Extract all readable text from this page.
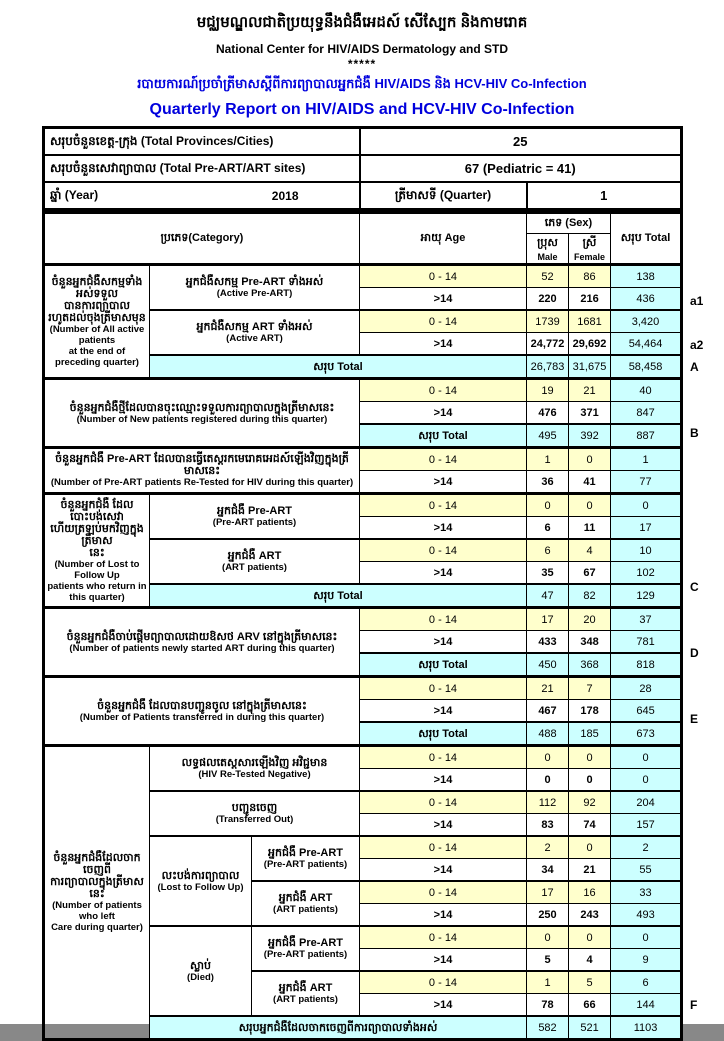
មជ្ឈមណ្ឌលជាតិប្រយុទ្ធនឹងជំងឺអេដស៍ សើស្បែក និងកាមរោគ
National Center for HIV/AIDS Dermatology and STD
*****
របាយការណ៍ប្រចាំត្រីមាសស្តីពីការព្យាបាលអ្នកជំងឺ HIV/AIDS និង HCV-HIV Co-Infection
Quarterly Report on HIV/AIDS and HCV-HIV Co-Infection
សរុបចំនួនខេត្ត-ក្រុង (Total Provinces/Cities)	25	
សរុបចំនួនសេវាព្យាបាល (Total Pre-ART/ART sites)	67 (Pediatric = 41)	

ឆ្នាំ (Year) 2018	ត្រីមាសទី (Quarter)	1
ប្រភេទ(Category)			អាយុ Age	ភេទ (Sex)		សរុប Total

ប្រុស
Male

ស្រី
Female

ចំនួនអ្នកជំងឺសកម្មទាំងអស់ទទួល
បានការព្យាបាល
រហូតដល់ចុងត្រីមាសមុន
(Number of All active patients
at the end of preceding quarter)

អ្នកជំងឺសកម្ម Pre-ART ទាំងអស់
(Active Pre-ART)
	0 - 14	52	86	138
			>14	220	216	436

	អ្នកជំងឺសកម្ម ART ទាំងអស់
(Active ART)		0 - 14	1739	1681	3,420
			>14	24,772	29,692	54,464
	សរុប Total			26,783	31,675	58,458

ចំនួនអ្នកជំងឺថ្មីដែលបានចុះឈ្មោះទទួលការព្យាបាលក្នុងត្រីមាសនេះ
(Number of New patients registered during this quarter)			0 - 14	19	21	40
			>14	476	371	847
			សរុប Total	495	392	887

ចំនួនអ្នកជំងឺ Pre-ART ដែលបានធ្វើតេស្តរកមេរោគអេដស៍ឡើងវិញក្នុងត្រីមាសនេះ
(Number of Pre-ART patients Re-Tested for HIV during this quarter)			0 - 14	1	0	1
			>14	36	41	77

ចំនួនអ្នកជំងឺ ដែលបោះបង់សេវា
ហើយត្រឡប់មកវិញក្នុងត្រីមាស
នេះ
(Number of Lost to Follow Up
patients who return in this quarter)

អ្នកជំងឺ Pre-ART
(Pre-ART patients)
	0 - 14	0	0	0
			>14	6	11	17

	អ្នកជំងឺ ART
(ART patients)		0 - 14	6	4	10
			>14	35	67	102
	សរុប Total			47	82	129

ចំនួនអ្នកជំងឺចាប់ផ្តើមព្យាបាលដោយឱសថ ARV នៅក្នុងត្រីមាសនេះ
(Number of patients newly started ART during this quarter)			0 - 14	17	20	37
			>14	433	348	781
			សរុប Total	450	368	818

ចំនួនអ្នកជំងឺ ដែលបានបញ្ជូនចូល នៅក្នុងត្រីមាសនេះ
(Number of Patients transferred in during this quarter)			0 - 14	21	7	28
			>14	467	178	645
			សរុប Total	488	185	673

ចំនួនអ្នកជំងឺដែលចាកចេញពី
ការព្យាបាលក្នុងត្រីមាសនេះ
(Number of patients who left
Care during quarter)

លទ្ធផលតេស្តសារឡើងវិញ អវិជ្ជមាន
(HIV Re-Tested Negative)
	0 - 14	0	0	0
			>14	0	0	0

	បញ្ជូនចេញ
(Transferred Out)		0 - 14	112	92	204
			>14	83	74	157

លះបង់ការព្យាបាល
(Lost to Follow Up)

អ្នកជំងឺ Pre-ART
(Pre-ART patients)
	0 - 14	2	0	2
			>14	34	21	55

		អ្នកជំងឺ ART
(ART patients)	0 - 14	17	16	33
			>14	250	243	493

ស្លាប់
(Died)

អ្នកជំងឺ Pre-ART
(Pre-ART patients)
	0 - 14	0	0	0
			>14	5	4	9

		អ្នកជំងឺ ART
(ART patients)	0 - 14	1	5	6
			>14	78	66	144

	សរុបអ្នកជំងឺដែលចាកចេញពីការព្យាបាលទាំងអស់			582	521	1103
a1
a2
A
B
C
D
E
F
